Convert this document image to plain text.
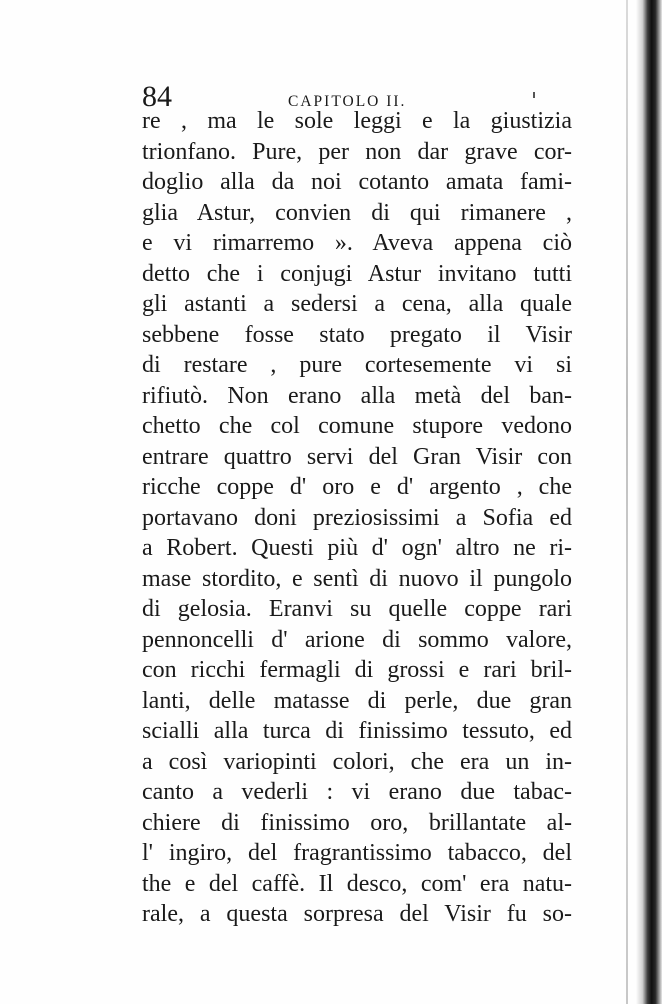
84	CAPITOLO II.
re , ma le sole leggi e la giustizia
trionfano. Pure, per non dar grave cor-
doglio alla da noi cotanto amata fami-
glia Astur, convien di qui rimanere ,
e vi rimarremo ». Aveva appena ciò
detto che i conjugi Astur invitano tutti
gli astanti a sedersi a cena, alla quale
sebbene fosse stato pregato il Visir
di restare , pure cortesemente vi si
rifiutò. Non erano alla metà del ban-
chetto che col comune stupore vedono
entrare quattro servi del Gran Visir con
ricche coppe d' oro e d' argento , che
portavano doni preziosissimi a Sofia ed
a Robert. Questi più d' ogn' altro ne ri-
mase stordito, e sentì di nuovo il pungolo
di gelosia. Eranvi su quelle coppe rari
pennoncelli d' arione di sommo valore,
con ricchi fermagli di grossi e rari bril-
lanti, delle matasse di perle, due gran
scialli alla turca di finissimo tessuto, ed
a così variopinti colori, che era un in-
canto a vederli : vi erano due tabac-
chiere di finissimo oro, brillantate al-
l' ingiro, del fragrantissimo tabacco, del
the e del caffè. Il desco, com' era natu-
rale, a questa sorpresa del Visir fu so-
